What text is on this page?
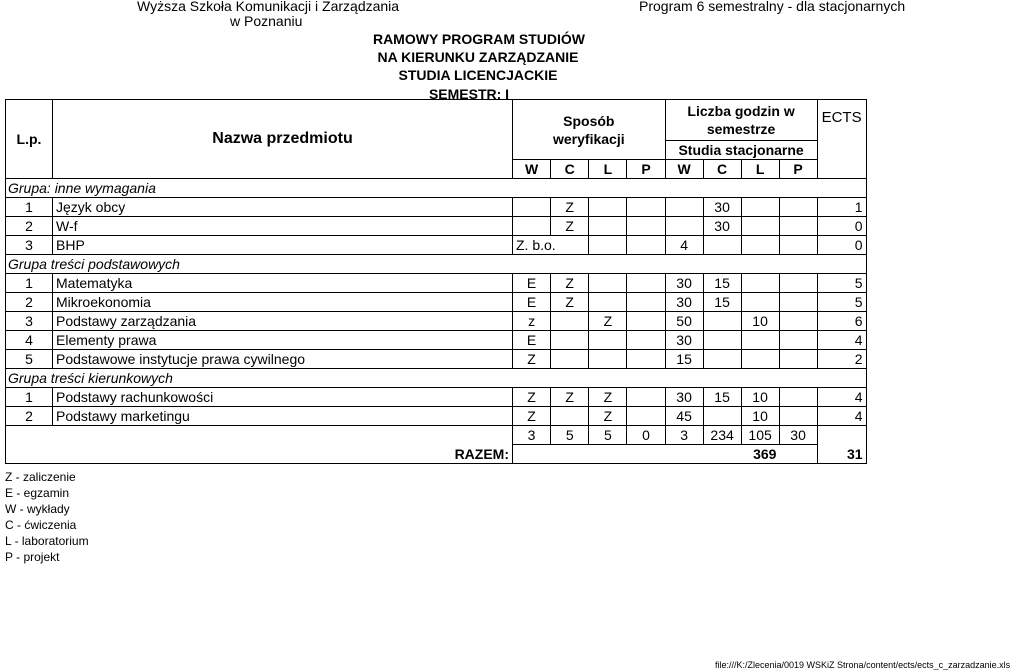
Wyższa Szkoła Komunikacji i Zarządzania
w Poznaniu
Program 6 semestralny - dla stacjonarnych
RAMOWY PROGRAM STUDIÓW
NA KIERUNKU ZARZĄDZANIE
STUDIA LICENCJACKIE
SEMESTR: I
L.p.	Nazwa przedmiotu	Sposób weryfikacji				Liczba godzin w semestrze				ECTS
						Studia stacjonarne				
		W	C	L	P	W	C	L	P	
Grupa: inne wymagania										
1	Język obcy		Z				30			1
2	W-f		Z				30			0
3	BHP	Z. b.o.				4				0
Grupa treści podstawowych										
1	Matematyka	E	Z			30	15			5
2	Mikroekonomia	E	Z			30	15			5
3	Podstawy zarządzania	z		Z		50		10		6
4	Elementy prawa	E				30				4
5	Podstawowe instytucje prawa cywilnego	Z				15				2
Grupa treści kierunkowych										
1	Podstawy rachunkowości	Z	Z	Z		30	15	10		4
2	Podstawy marketingu	Z		Z		45		10		4
		3	5	5	0	3	234	105	30	
RAZEM:		369								31
Z - zaliczenie
E - egzamin
W - wykłady
C - ćwiczenia
L - laboratorium
P - projekt
file:///K:/Zlecenia/0019 WSKiZ Strona/content/ects/ects_c_zarzadzanie.xls
